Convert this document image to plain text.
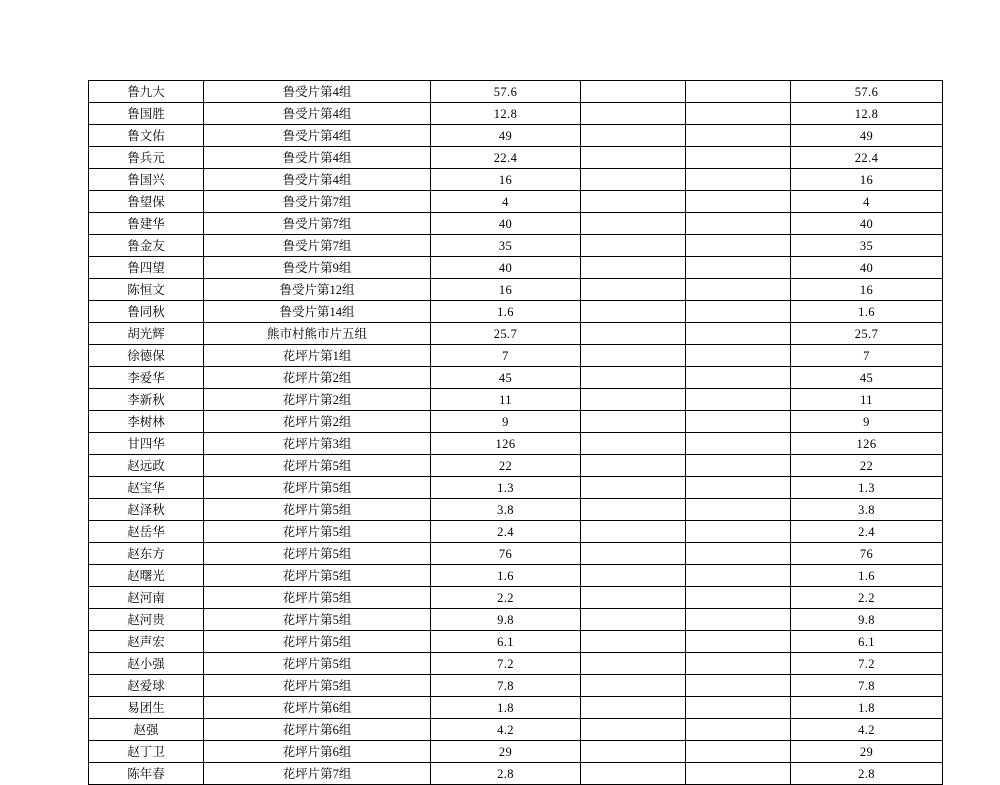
鲁九大	鲁受片第4组	57.6			57.6
鲁国胜	鲁受片第4组	12.8			12.8
鲁文佑	鲁受片第4组	49			49
鲁兵元	鲁受片第4组	22.4			22.4
鲁国兴	鲁受片第4组	16			16
鲁望保	鲁受片第7组	4			4
鲁建华	鲁受片第7组	40			40
鲁金友	鲁受片第7组	35			35
鲁四望	鲁受片第9组	40			40
陈恒文	鲁受片第12组	16			16
鲁同秋	鲁受片第14组	1.6			1.6
胡光辉	熊市村熊市片五组	25.7			25.7
徐德保	花坪片第1组	7			7
李爱华	花坪片第2组	45			45
李新秋	花坪片第2组	11			11
李树林	花坪片第2组	9			9
甘四华	花坪片第3组	126			126
赵远政	花坪片第5组	22			22
赵宝华	花坪片第5组	1.3			1.3
赵泽秋	花坪片第5组	3.8			3.8
赵岳华	花坪片第5组	2.4			2.4
赵东方	花坪片第5组	76			76
赵曙光	花坪片第5组	1.6			1.6
赵河南	花坪片第5组	2.2			2.2
赵河贵	花坪片第5组	9.8			9.8
赵声宏	花坪片第5组	6.1			6.1
赵小强	花坪片第5组	7.2			7.2
赵爱球	花坪片第5组	7.8			7.8
易团生	花坪片第6组	1.8			1.8
赵强	花坪片第6组	4.2			4.2
赵丁卫	花坪片第6组	29			29
陈年春	花坪片第7组	2.8			2.8
